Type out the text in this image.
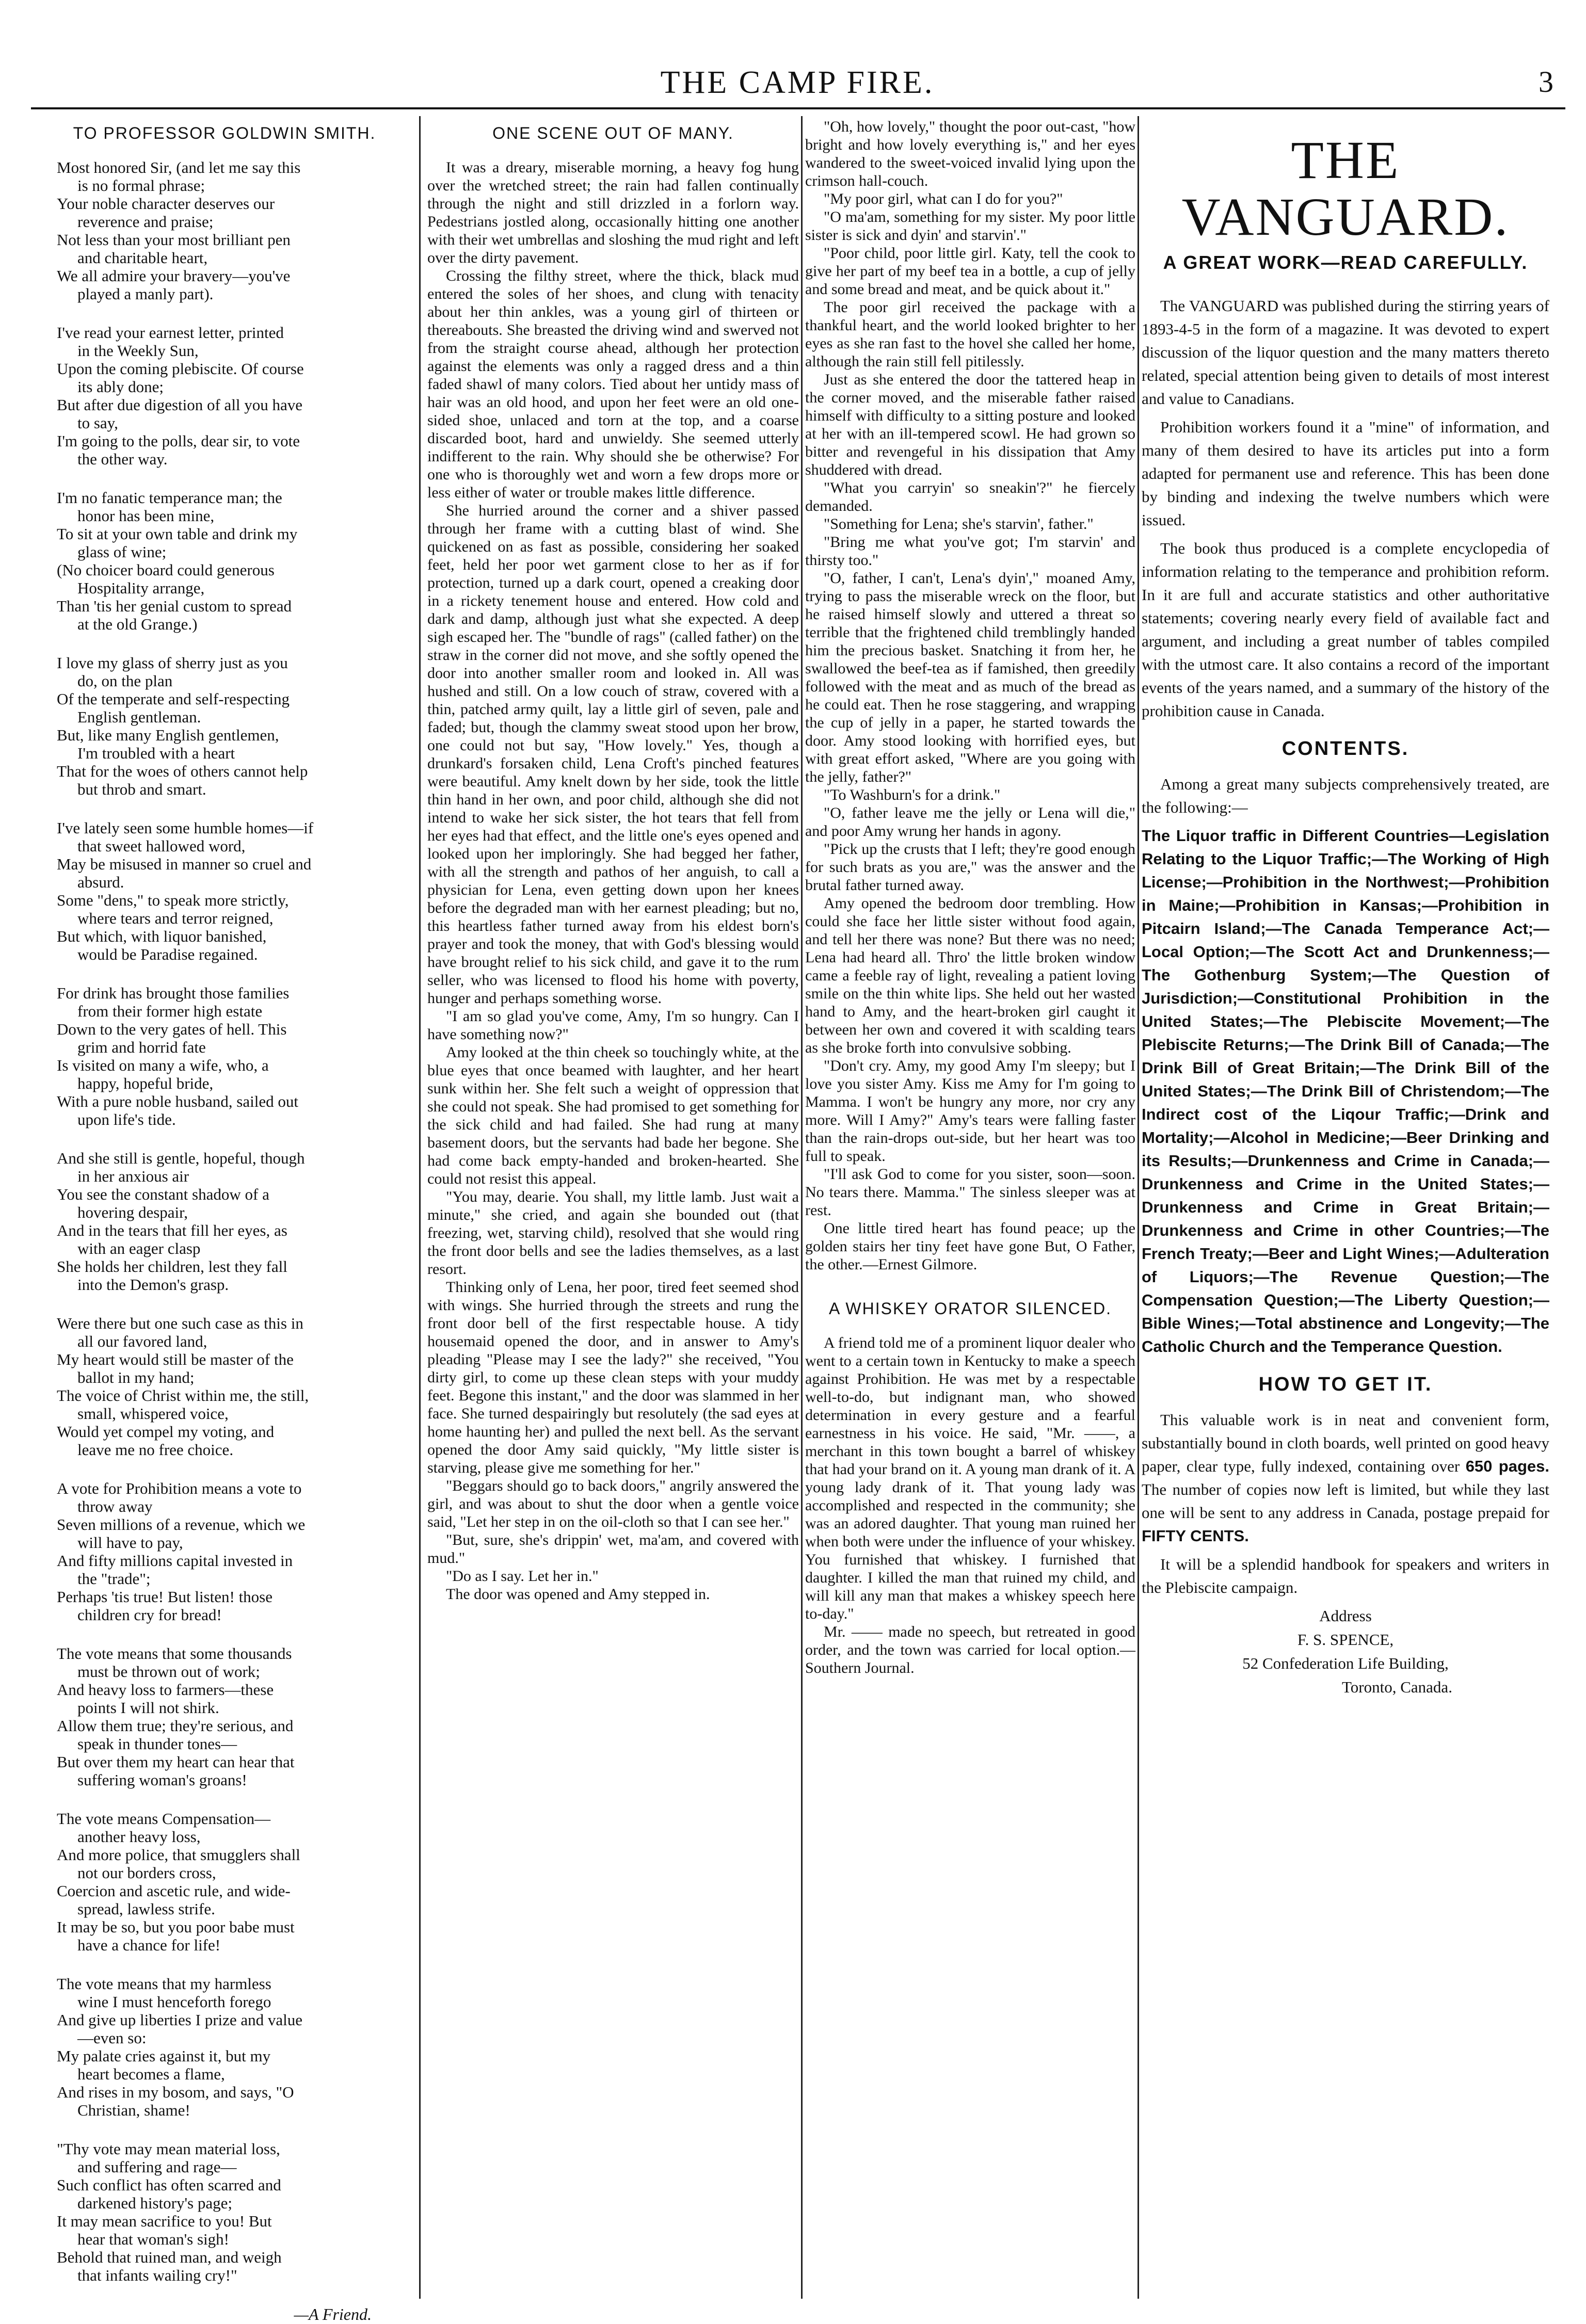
THE CAMP FIRE.	3
TO PROFESSOR GOLDWIN SMITH.
Most honored Sir, (and let me say this
is no formal phrase;
Your noble character deserves our
reverence and praise;
Not less than your most brilliant pen
and charitable heart,
We all admire your bravery—you've
played a manly part).
I've read your earnest letter, printed
in the Weekly Sun,
Upon the coming plebiscite. Of course
its ably done;
But after due digestion of all you have
to say,
I'm going to the polls, dear sir, to vote
the other way.
I'm no fanatic temperance man; the
honor has been mine,
To sit at your own table and drink my
glass of wine;
(No choicer board could generous
Hospitality arrange,
Than 'tis her genial custom to spread
at the old Grange.)
I love my glass of sherry just as you
do, on the plan
Of the temperate and self-respecting
English gentleman.
But, like many English gentlemen,
I'm troubled with a heart
That for the woes of others cannot help
but throb and smart.
I've lately seen some humble homes—if
that sweet hallowed word,
May be misused in manner so cruel and
absurd.
Some "dens," to speak more strictly,
where tears and terror reigned,
But which, with liquor banished,
would be Paradise regained.
For drink has brought those families
from their former high estate
Down to the very gates of hell. This
grim and horrid fate
Is visited on many a wife, who, a
happy, hopeful bride,
With a pure noble husband, sailed out
upon life's tide.
And she still is gentle, hopeful, though
in her anxious air
You see the constant shadow of a
hovering despair,
And in the tears that fill her eyes, as
with an eager clasp
She holds her children, lest they fall
into the Demon's grasp.
Were there but one such case as this in
all our favored land,
My heart would still be master of the
ballot in my hand;
The voice of Christ within me, the still,
small, whispered voice,
Would yet compel my voting, and
leave me no free choice.
A vote for Prohibition means a vote to
throw away
Seven millions of a revenue, which we
will have to pay,
And fifty millions capital invested in
the "trade";
Perhaps 'tis true! But listen! those
children cry for bread!
The vote means that some thousands
must be thrown out of work;
And heavy loss to farmers—these
points I will not shirk.
Allow them true; they're serious, and
speak in thunder tones—
But over them my heart can hear that
suffering woman's groans!
The vote means Compensation—
another heavy loss,
And more police, that smugglers shall
not our borders cross,
Coercion and ascetic rule, and wide-
spread, lawless strife.
It may be so, but you poor babe must
have a chance for life!
The vote means that my harmless
wine I must henceforth forego
And give up liberties I prize and value
—even so:
My palate cries against it, but my
heart becomes a flame,
And rises in my bosom, and says, "O
Christian, shame!
"Thy vote may mean material loss,
and suffering and rage—
Such conflict has often scarred and
darkened history's page;
It may mean sacrifice to you! But
hear that woman's sigh!
Behold that ruined man, and weigh
that infants wailing cry!"
—A Friend.
ONE SCENE OUT OF MANY.

It was a dreary, miserable morning, a heavy fog hung over the wretched street; the rain had fallen continually through the night and still drizzled in a forlorn way. Pedestrians jostled along, occasionally hitting one another with their wet umbrellas and sloshing the mud right and left over the dirty pavement.

Crossing the filthy street, where the thick, black mud entered the soles of her shoes, and clung with tenacity about her thin ankles, was a young girl of thirteen or thereabouts. She breasted the driving wind and swerved not from the straight course ahead, although her protection against the elements was only a ragged dress and a thin faded shawl of many colors. Tied about her untidy mass of hair was an old hood, and upon her feet were an old one-sided shoe, unlaced and torn at the top, and a coarse discarded boot, hard and unwieldy. She seemed utterly indifferent to the rain. Why should she be otherwise? For one who is thoroughly wet and worn a few drops more or less either of water or trouble makes little difference.

She hurried around the corner and a shiver passed through her frame with a cutting blast of wind. She quickened on as fast as possible, considering her soaked feet, held her poor wet garment close to her as if for protection, turned up a dark court, opened a creaking door in a rickety tenement house and entered. How cold and dark and damp, although just what she expected. A deep sigh escaped her. The "bundle of rags" (called father) on the straw in the corner did not move, and she softly opened the door into another smaller room and looked in. All was hushed and still. On a low couch of straw, covered with a thin, patched army quilt, lay a little girl of seven, pale and faded; but, though the clammy sweat stood upon her brow, one could not but say, "How lovely." Yes, though a drunkard's forsaken child, Lena Croft's pinched features were beautiful. Amy knelt down by her side, took the little thin hand in her own, and poor child, although she did not intend to wake her sick sister, the hot tears that fell from her eyes had that effect, and the little one's eyes opened and looked upon her imploringly. She had begged her father, with all the strength and pathos of her anguish, to call a physician for Lena, even getting down upon her knees before the degraded man with her earnest pleading; but no, this heartless father turned away from his eldest born's prayer and took the money, that with God's blessing would have brought relief to his sick child, and gave it to the rum seller, who was licensed to flood his home with poverty, hunger and perhaps something worse.

"I am so glad you've come, Amy, I'm so hungry. Can I have something now?"

Amy looked at the thin cheek so touchingly white, at the blue eyes that once beamed with laughter, and her heart sunk within her. She felt such a weight of oppression that she could not speak. She had promised to get something for the sick child and had failed. She had rung at many basement doors, but the servants had bade her begone. She had come back empty-handed and broken-hearted. She could not resist this appeal.

"You may, dearie. You shall, my little lamb. Just wait a minute," she cried, and again she bounded out (that freezing, wet, starving child), resolved that she would ring the front door bells and see the ladies themselves, as a last resort.

Thinking only of Lena, her poor, tired feet seemed shod with wings. She hurried through the streets and rung the front door bell of the first respectable house. A tidy housemaid opened the door, and in answer to Amy's pleading "Please may I see the lady?" she received, "You dirty girl, to come up these clean steps with your muddy feet. Begone this instant," and the door was slammed in her face. She turned despairingly but resolutely (the sad eyes at home haunting her) and pulled the next bell. As the servant opened the door Amy said quickly, "My little sister is starving, please give me something for her."

"Beggars should go to back doors," angrily answered the girl, and was about to shut the door when a gentle voice said, "Let her step in on the oil-cloth so that I can see her."

"But, sure, she's drippin' wet, ma'am, and covered with mud."

"Do as I say. Let her in."

The door was opened and Amy stepped in.

"Oh, how lovely," thought the poor out-cast, "how bright and how lovely everything is," and her eyes wandered to the sweet-voiced invalid lying upon the crimson hall-couch.

"My poor girl, what can I do for you?"

"O ma'am, something for my sister. My poor little sister is sick and dyin' and starvin'."

"Poor child, poor little girl. Katy, tell the cook to give her part of my beef tea in a bottle, a cup of jelly and some bread and meat, and be quick about it."

The poor girl received the package with a thankful heart, and the world looked brighter to her eyes as she ran fast to the hovel she called her home, although the rain still fell pitilessly.

Just as she entered the door the tattered heap in the corner moved, and the miserable father raised himself with difficulty to a sitting posture and looked at her with an ill-tempered scowl. He had grown so bitter and revengeful in his dissipation that Amy shuddered with dread.

"What you carryin' so sneakin'?" he fiercely demanded.

"Something for Lena; she's starvin', father."

"Bring me what you've got; I'm starvin' and thirsty too."

"O, father, I can't, Lena's dyin'," moaned Amy, trying to pass the miserable wreck on the floor, but he raised himself slowly and uttered a threat so terrible that the frightened child tremblingly handed him the precious basket. Snatching it from her, he swallowed the beef-tea as if famished, then greedily followed with the meat and as much of the bread as he could eat. Then he rose staggering, and wrapping the cup of jelly in a paper, he started towards the door. Amy stood looking with horrified eyes, but with great effort asked, "Where are you going with the jelly, father?"

"To Washburn's for a drink."

"O, father leave me the jelly or Lena will die," and poor Amy wrung her hands in agony.

"Pick up the crusts that I left; they're good enough for such brats as you are," was the answer and the brutal father turned away.

Amy opened the bedroom door trembling. How could she face her little sister without food again, and tell her there was none? But there was no need; Lena had heard all. Thro' the little broken window came a feeble ray of light, revealing a patient loving smile on the thin white lips. She held out her wasted hand to Amy, and the heart-broken girl caught it between her own and covered it with scalding tears as she broke forth into convulsive sobbing.

"Don't cry. Amy, my good Amy I'm sleepy; but I love you sister Amy. Kiss me Amy for I'm going to Mamma. I won't be hungry any more, nor cry any more. Will I Amy?" Amy's tears were falling faster than the rain-drops out-side, but her heart was too full to speak.

"I'll ask God to come for you sister, soon—soon. No tears there. Mamma." The sinless sleeper was at rest.

One little tired heart has found peace; up the golden stairs her tiny feet have gone But, O Father, the other.—Ernest Gilmore.

A WHISKEY ORATOR SILENCED.

A friend told me of a prominent liquor dealer who went to a certain town in Kentucky to make a speech against Prohibition. He was met by a respectable well-to-do, but indignant man, who showed determination in every gesture and a fearful earnestness in his voice. He said, "Mr. ——, a merchant in this town bought a barrel of whiskey that had your brand on it. A young man drank of it. A young lady drank of it. That young lady was accomplished and respected in the community; she was an adored daughter. That young man ruined her when both were under the influence of your whiskey. You furnished that whiskey. I furnished that daughter. I killed the man that ruined my child, and will kill any man that makes a whiskey speech here to-day."

Mr. —— made no speech, but retreated in good order, and the town was carried for local option.—Southern Journal.

THE VANGUARD.
A GREAT WORK—READ CAREFULLY.

The VANGUARD was published during the stirring years of 1893-4-5 in the form of a magazine. It was devoted to expert discussion of the liquor question and the many matters thereto related, special attention being given to details of most interest and value to Canadians.

Prohibition workers found it a "mine" of information, and many of them desired to have its articles put into a form adapted for permanent use and reference. This has been done by binding and indexing the twelve numbers which were issued.

The book thus produced is a complete encyclopedia of information relating to the temperance and prohibition reform. In it are full and accurate statistics and other authoritative statements; covering nearly every field of available fact and argument, and including a great number of tables compiled with the utmost care. It also contains a record of the important events of the years named, and a summary of the history of the prohibition cause in Canada.

CONTENTS.

Among a great many subjects comprehensively treated, are the following:—

The Liquor traffic in Different Countries—Legislation Relating to the Liquor Traffic;—The Working of High License;—Prohibition in the Northwest;—Prohibition in Maine;—Prohibition in Kansas;—Prohibition in Pitcairn Island;—The Canada Temperance Act;—Local Option;—The Scott Act and Drunkenness;—The Gothenburg System;—The Question of Jurisdiction;—Constitutional Prohibition in the United States;—The Plebiscite Movement;—The Plebiscite Returns;—The Drink Bill of Canada;—The Drink Bill of Great Britain;—The Drink Bill of the United States;—The Drink Bill of Christendom;—The Indirect cost of the Liqour Traffic;—Drink and Mortality;—Alcohol in Medicine;—Beer Drinking and its Results;—Drunkenness and Crime in Canada;—Drunkenness and Crime in the United States;—Drunkenness and Crime in Great Britain;—Drunkenness and Crime in other Countries;—The French Treaty;—Beer and Light Wines;—Adulteration of Liquors;—The Revenue Question;—The Compensation Question;—The Liberty Question;—Bible Wines;—Total abstinence and Longevity;—The Catholic Church and the Temperance Question.
HOW TO GET IT.

This valuable work is in neat and convenient form, substantially bound in cloth boards, well printed on good heavy paper, clear type, fully indexed, containing over 650 pages. The number of copies now left is limited, but while they last one will be sent to any address in Canada, postage prepaid for FIFTY CENTS.

It will be a splendid handbook for speakers and writers in the Plebiscite campaign.

Address
F. S. SPENCE,
52 Confederation Life Building,
Toronto, Canada.
